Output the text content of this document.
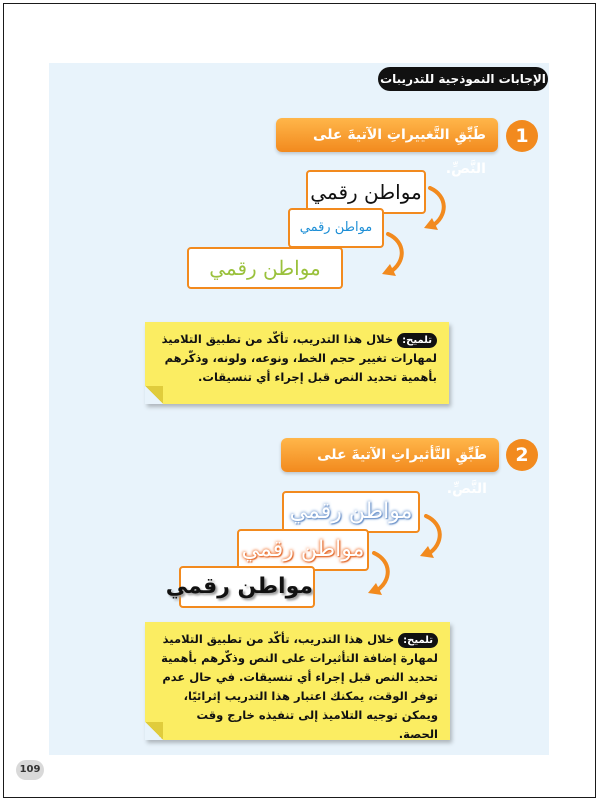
الإجابات النموذجية للتدريبات
1
طَبِّقِ التَّغييراتِ الآتيةَ على النَّصِّ.
مواطن رقمي
مواطن رقمي
مواطن رقمي
تلميح:خلال هذا التدريب، تأكّد من تطبيق التلاميذ لمهارات تغيير حجم الخط، ونوعه، ولونه، وذكّرهم بأهمية تحديد النص قبل إجراء أي تنسيقات.
2
طَبِّقِ التَّأثيراتِ الآتيةَ على النَّصِّ.
مواطن رقمي
مواطن رقمي
مواطن رقمي
تلميح:خلال هذا التدريب، تأكّد من تطبيق التلاميذ لمهارة إضافة التأثيرات على النص وذكّرهم بأهمية تحديد النص قبل إجراء أي تنسيقات. في حال عدم توفر الوقت، يمكنك اعتبار هذا التدريب إثرائيًا، ويمكن توجيه التلاميذ إلى تنفيذه خارج وقت الحصة.
109
